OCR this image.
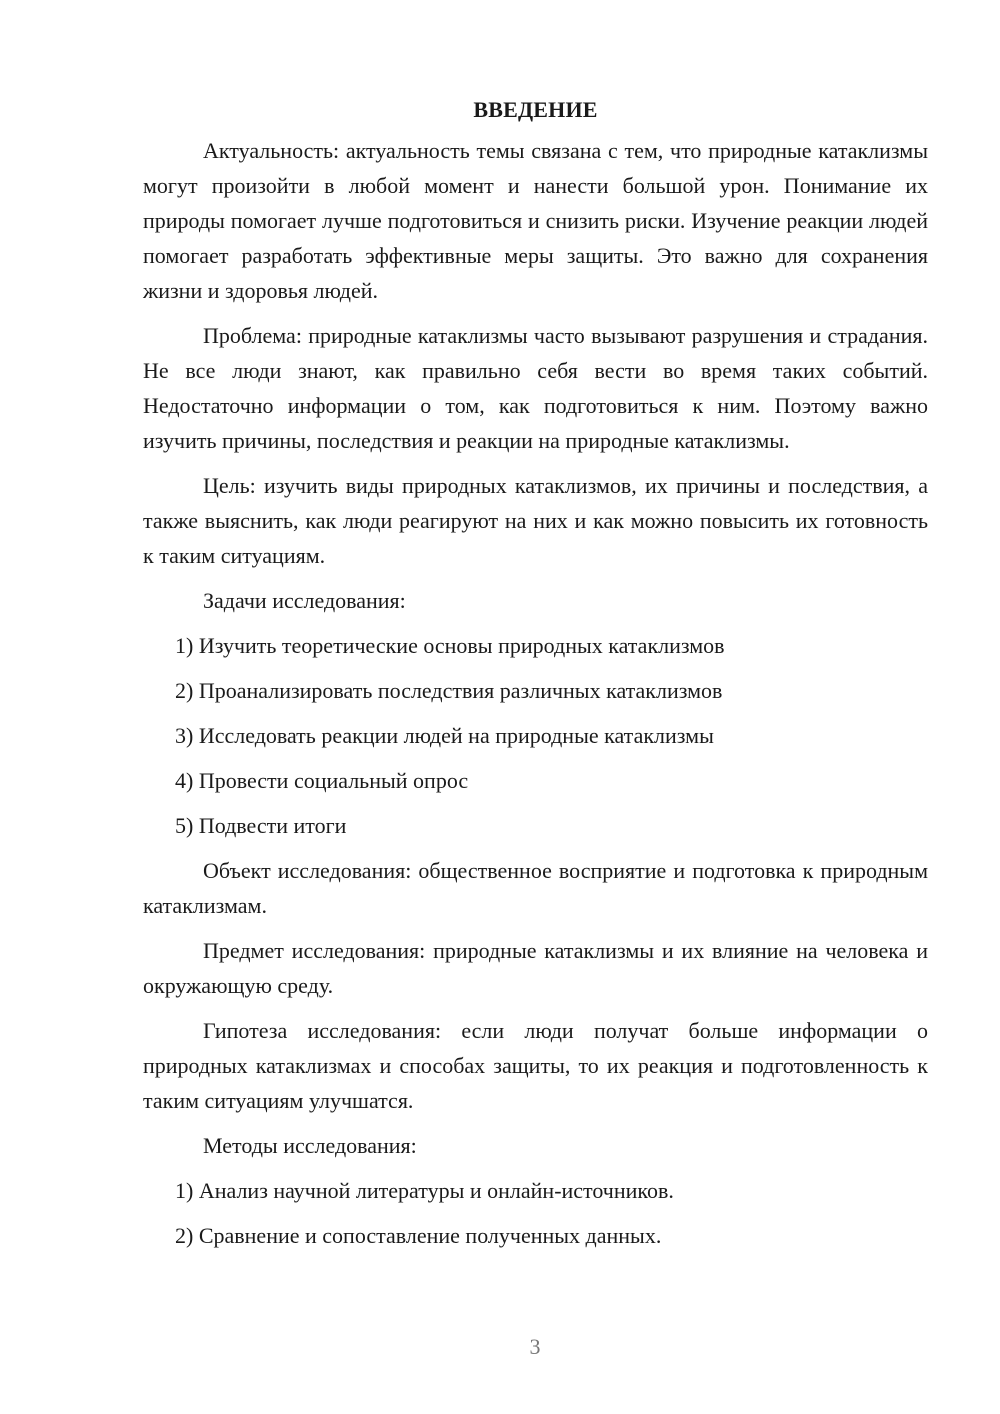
ВВЕДЕНИЕ

Актуальность: актуальность темы связана с тем, что природные катаклизмы могут произойти в любой момент и нанести большой урон. Понимание их природы помогает лучше подготовиться и снизить риски. Изучение реакции людей помогает разработать эффективные меры защиты. Это важно для сохранения жизни и здоровья людей.

Проблема: природные катаклизмы часто вызывают разрушения и страдания. Не все люди знают, как правильно себя вести во время таких событий. Недостаточно информации о том, как подготовиться к ним. Поэтому важно изучить причины, последствия и реакции на природные катаклизмы.

Цель: изучить виды природных катаклизмов, их причины и последствия, а также выяснить, как люди реагируют на них и как можно повысить их готовность к таким ситуациям.

Задачи исследования:

1) Изучить теоретические основы природных катаклизмов
2) Проанализировать последствия различных катаклизмов
3) Исследовать реакции людей на природные катаклизмы
4) Провести социальный опрос
5) Подвести итоги

Объект исследования: общественное восприятие и подготовка к природным катаклизмам.

Предмет исследования: природные катаклизмы и их влияние на человека и окружающую среду.

Гипотеза исследования: если люди получат больше информации о природных катаклизмах и способах защиты, то их реакция и подготовленность к таким ситуациям улучшатся.

Методы исследования:

1) Анализ научной литературы и онлайн-источников.
2) Сравнение и сопоставление полученных данных.
3
